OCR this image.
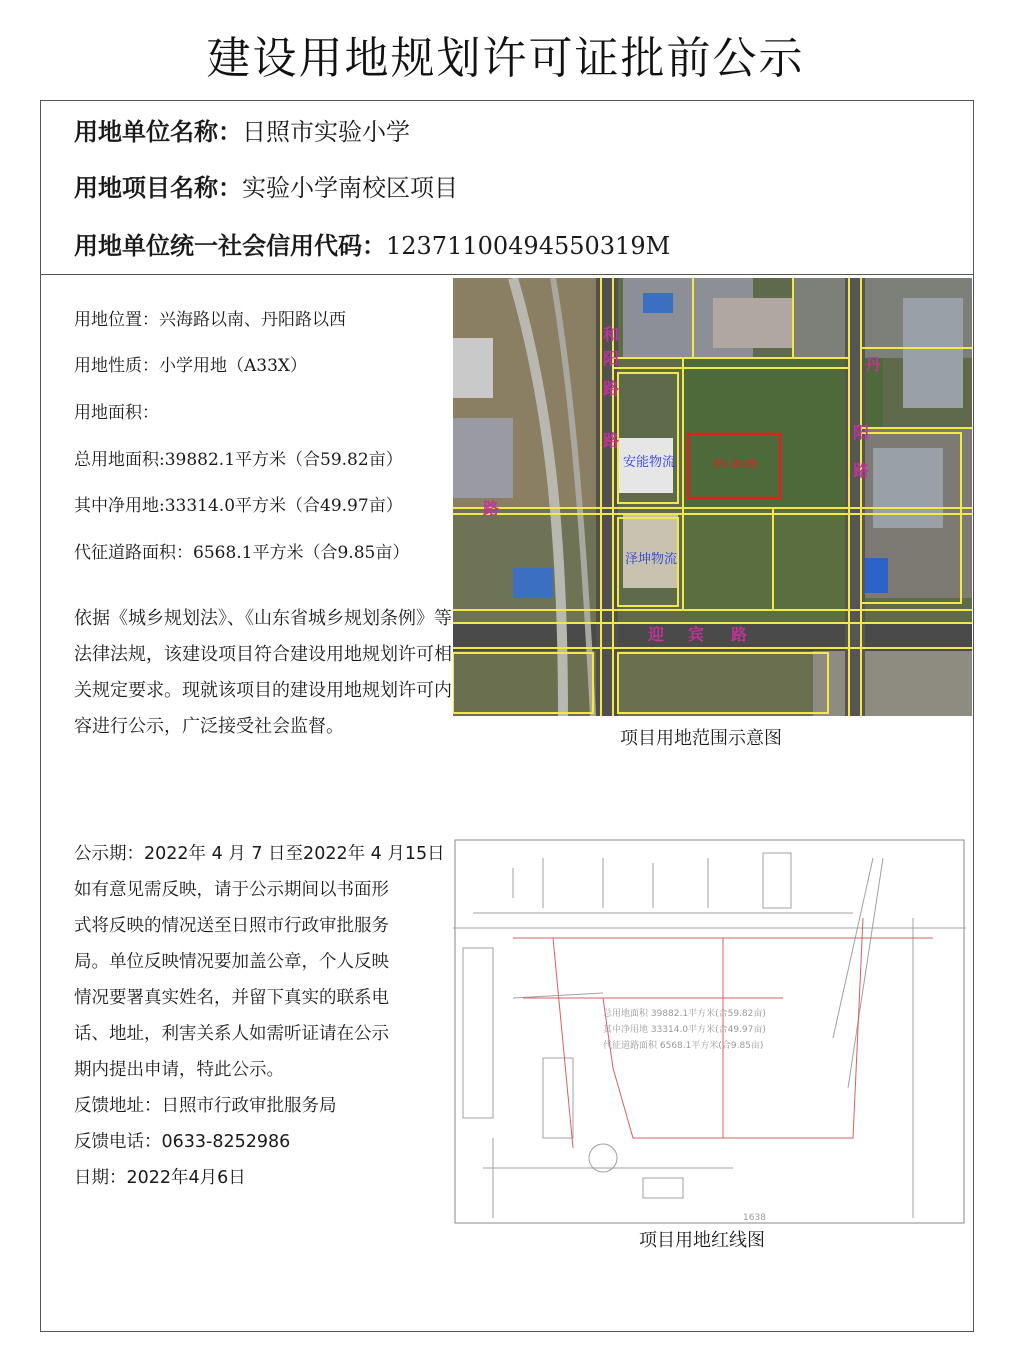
建设用地规划许可证批前公示
用地单位名称：日照市实验小学
用地项目名称：实验小学南校区项目
用地单位统一社会信用代码：12371100494550319M
用地位置：兴海路以南、丹阳路以西
用地性质：小学用地（A33X）
用地面积：
总用地面积:39882.1平方米（合59.82亩）
其中净用地:33314.0平方米（合49.97亩）
代征道路面积：6568.1平方米（合9.85亩）
依据《城乡规划法》、《山东省城乡规划条例》等法律法规，该建设项目符合建设用地规划许可相关规定要求。现就该项目的建设用地规划许可内容进行公示，广泛接受社会监督。
公示期：2022年 4 月 7 日至2022年 4 月15日
如有意见需反映，请于公示期间以书面形
式将反映的情况送至日照市行政审批服务
局。单位反映情况要加盖公章，个人反映
情况要署真实姓名，并留下真实的联系电
话、地址，利害关系人如需听证请在公示
期内提出申请，特此公示。
反馈地址：日照市行政审批服务局
反馈电话：0633-8252986
日期：2022年4月6日
49.80亩
和
阳
路
路
丹
阳
路
路
迎 宾 路
安能物流
泽坤物流
项目用地范围示意图
总用地面积 39882.1平方米(合59.82亩)
其中净用地 33314.0平方米(合49.97亩)
代征道路面积 6568.1平方米(合9.85亩)
1638
项目用地红线图
